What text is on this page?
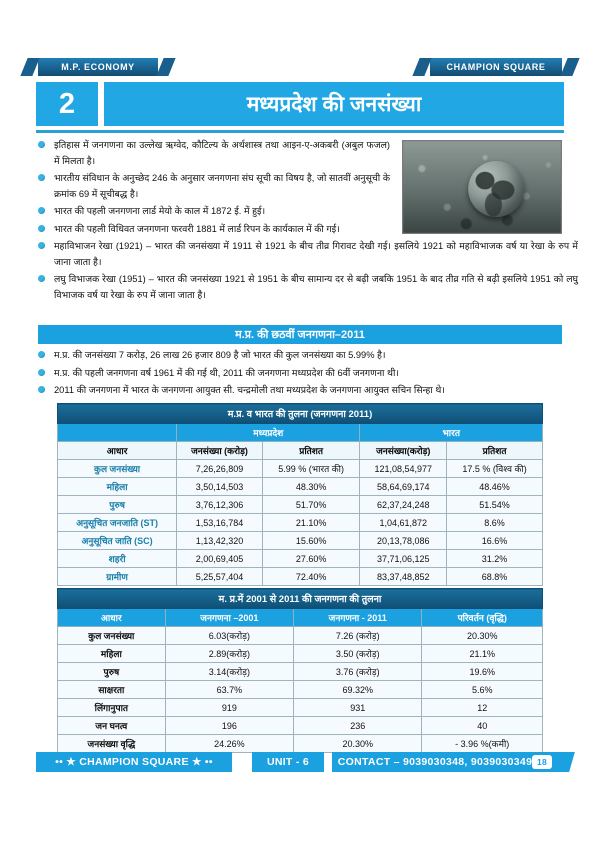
M.P. ECONOMY	CHAMPION SQUARE
2	मध्यप्रदेश की जनसंख्या
इतिहास में जनगणना का उल्लेख ऋग्वेद, कौटिल्य के अर्थशास्त्र तथा आइन-ए-अकबरी (अबुल फजल) में मिलता है।
भारतीय संविधान के अनुच्छेद 246 के अनुसार जनगणना संघ सूची का विषय है, जो सातवीं अनुसूची के क्रमांक 69 में सूचीबद्ध है।
भारत की पहली जनगणना लार्ड मेयो के काल में 1872 ई. में हुई।
भारत की पहली विधिवत जनगणना फरवरी 1881 में लार्ड रिपन के कार्यकाल में की गई।
महाविभाजन रेखा (1921) – भारत की जनसंख्या में 1911 से 1921 के बीच तीव्र गिरावट देखी गई। इसलिये 1921 को महाविभाजक वर्ष या रेखा के रुप में जाना जाता है।
लघु विभाजक रेखा (1951) – भारत की जनसंख्या 1921 से 1951 के बीच सामान्य दर से बढ़ी जबकि 1951 के बाद तीव्र गति से बढ़ी इसलिये 1951 को लघु विभाजक वर्ष या रेखा के रुप में जाना जाता है।
म.प्र. की छठवीं जनगणना–2011
म.प्र. की जनसंख्या 7 करोड़, 26 लाख 26 हजार 809 है जो भारत की कुल जनसंख्या का 5.99% है।
म.प्र. की पहली जनगणना वर्ष 1961 में की गई थी, 2011 की जनगणना मध्यप्रदेश की 6वीं जनगणना थी।
2011 की जनगणना में भारत के जनगणना आयुक्त सी. चन्द्रमोली तथा मध्यप्रदेश के जनगणना आयुक्त सचिन सिन्हा थे।
म.प्र. व भारत की तुलना (जनगणना 2011)				
	मध्यप्रदेश		भारत	
आधार	जनसंख्या (करोड़)	प्रतिशत	जनसंख्या(करोड़)	प्रतिशत
कुल जनसंख्या	7,26,26,809	5.99 % (भारत की)	121,08,54,977	17.5 % (विश्व की)
महिला	3,50,14,503	48.30%	58,64,69,174	48.46%
पुरुष	3,76,12,306	51.70%	62,37,24,248	51.54%
अनुसूचित जनजाति (ST)	1,53,16,784	21.10%	1,04,61,872	8.6%
अनुसूचित जाति (SC)	1,13,42,320	15.60%	20,13,78,086	16.6%
शहरी	2,00,69,405	27.60%	37,71,06,125	31.2%
ग्रामीण	5,25,57,404	72.40%	83,37,48,852	68.8%
म. प्र.में 2001 से 2011 की जनगणना की तुलना			
आधार	जनगणना –2001	जनगणना - 2011	परिवर्तन (वृद्धि)
कुल जनसंख्या	6.03(करोड़)	7.26 (करोड़)	20.30%
महिला	2.89(करोड़)	3.50 (करोड़)	21.1%
पुरुष	3.14(करोड़)	3.76 (करोड़)	19.6%
साक्षरता	63.7%	69.32%	5.6%
लिंगानुपात	919	931	12
जन घनत्व	196	236	40
जनसंख्या वृद्धि	24.26%	20.30%	- 3.96 %(कमी)
•• ★ CHAMPION SQUARE ★ ••	UNIT - 6	CONTACT – 9039030348, 9039030349 18
